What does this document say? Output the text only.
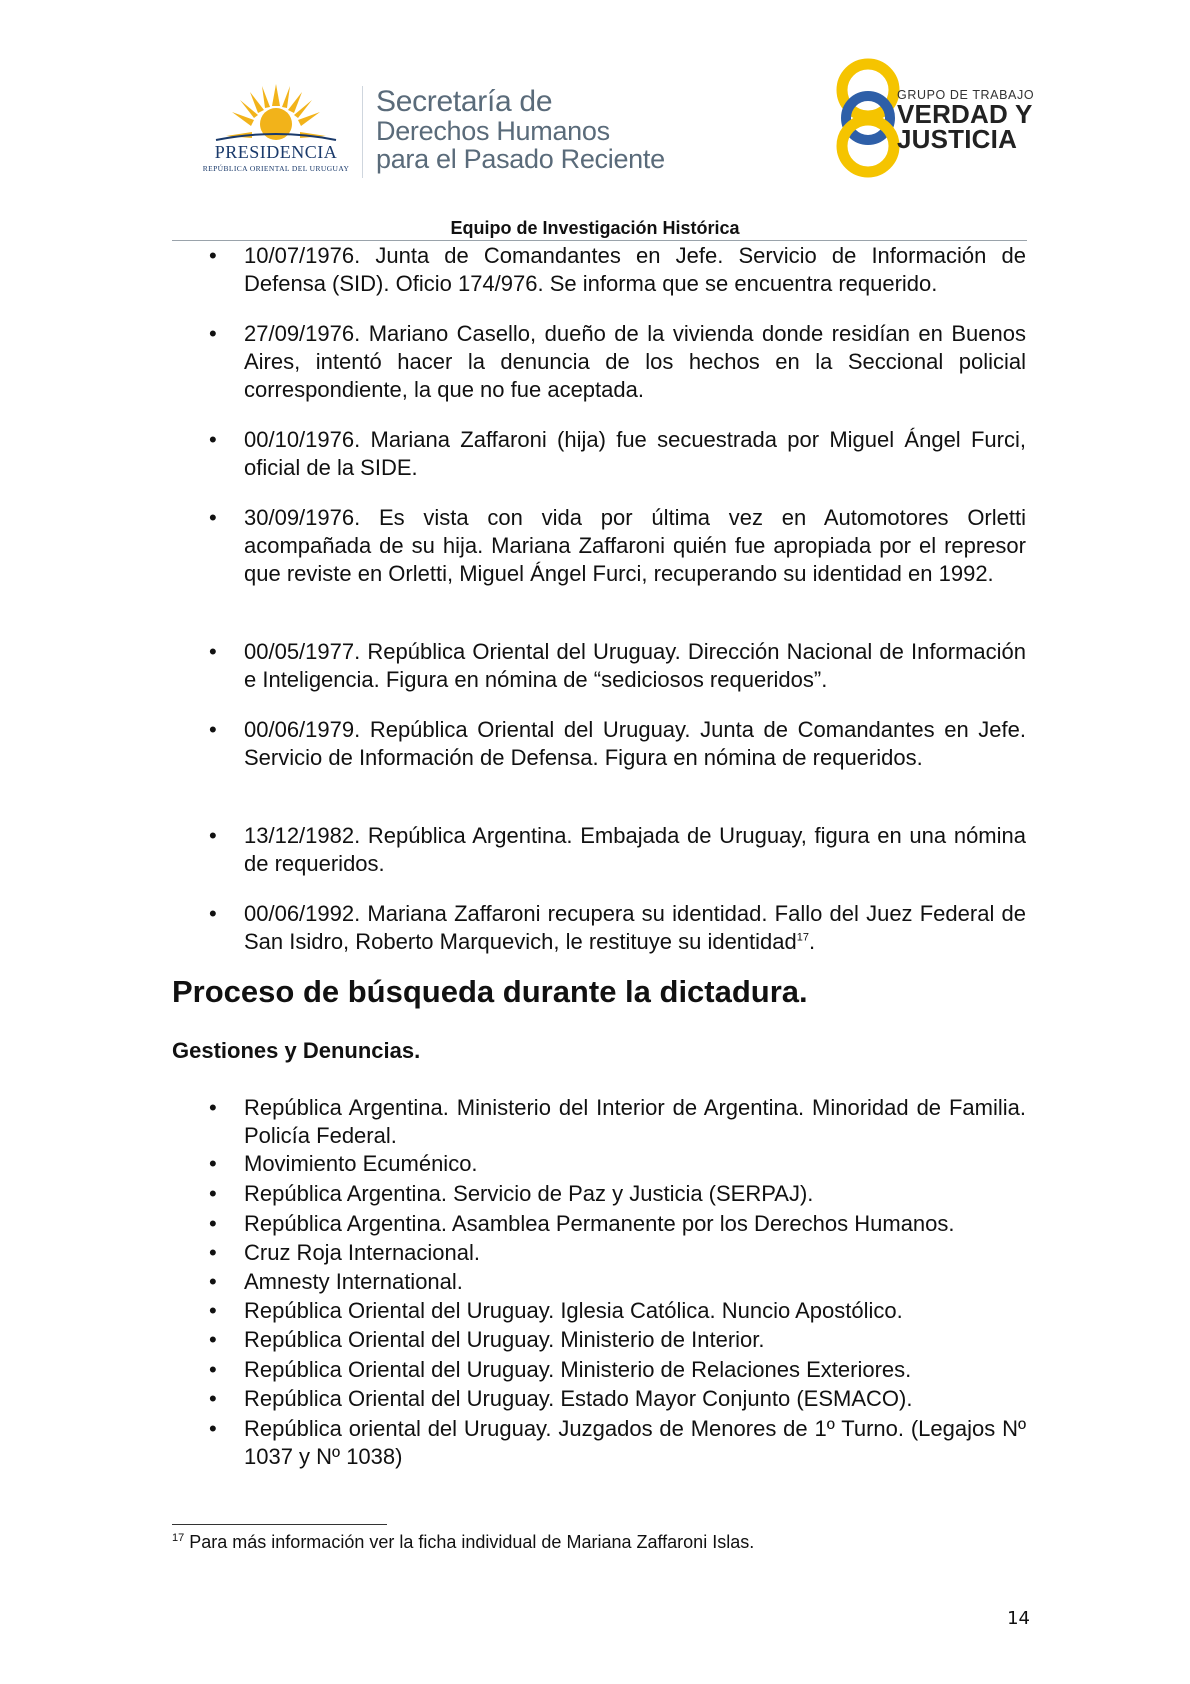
PRESIDENCIA
REPÚBLICA ORIENTAL DEL URUGUAY
Secretaría de
Derechos Humanos
para el Pasado Reciente
GRUPO DE TRABAJO
VERDAD Y
JUSTICIA
Equipo de Investigación Histórica
• 10/07/1976. Junta de Comandantes en Jefe. Servicio de Información de Defensa (SID). Oficio 174/976. Se informa que se encuentra requerido.
• 27/09/1976. Mariano Casello, dueño de la vivienda donde residían en Buenos Aires, intentó hacer la denuncia de los hechos en la Seccional policial correspondiente, la que no fue aceptada.
• 00/10/1976. Mariana Zaffaroni (hija) fue secuestrada por Miguel Ángel Furci, oficial de la SIDE.
• 30/09/1976. Es vista con vida por última vez en Automotores Orletti acompañada de su hija. Mariana Zaffaroni quién fue apropiada por el represor que reviste en Orletti, Miguel Ángel Furci, recuperando su identidad en 1992.
• 00/05/1977. República Oriental del Uruguay. Dirección Nacional de Información e Inteligencia. Figura en nómina de “sediciosos requeridos”.
• 00/06/1979. República Oriental del Uruguay. Junta de Comandantes en Jefe. Servicio de Información de Defensa. Figura en nómina de requeridos.
• 13/12/1982. República Argentina. Embajada de Uruguay, figura en una nómina de requeridos.
• 00/06/1992. Mariana Zaffaroni recupera su identidad. Fallo del Juez Federal de San Isidro, Roberto Marquevich, le restituye su identidad$^{17}$.
Proceso de búsqueda durante la dictadura.
Gestiones y Denuncias.
• República Argentina. Ministerio del Interior de Argentina. Minoridad de Familia. Policía Federal.
• Movimiento Ecuménico.
• República Argentina. Servicio de Paz y Justicia (SERPAJ).
• República Argentina. Asamblea Permanente por los Derechos Humanos.
• Cruz Roja Internacional.
• Amnesty International.
• República Oriental del Uruguay. Iglesia Católica. Nuncio Apostólico.
• República Oriental del Uruguay. Ministerio de Interior.
• República Oriental del Uruguay. Ministerio de Relaciones Exteriores.
• República Oriental del Uruguay. Estado Mayor Conjunto (ESMACO).
• República oriental del Uruguay. Juzgados de Menores de 1º Turno. (Legajos Nº 1037 y Nº 1038)
$^{17}$ Para más información ver la ficha individual de Mariana Zaffaroni Islas.
14
